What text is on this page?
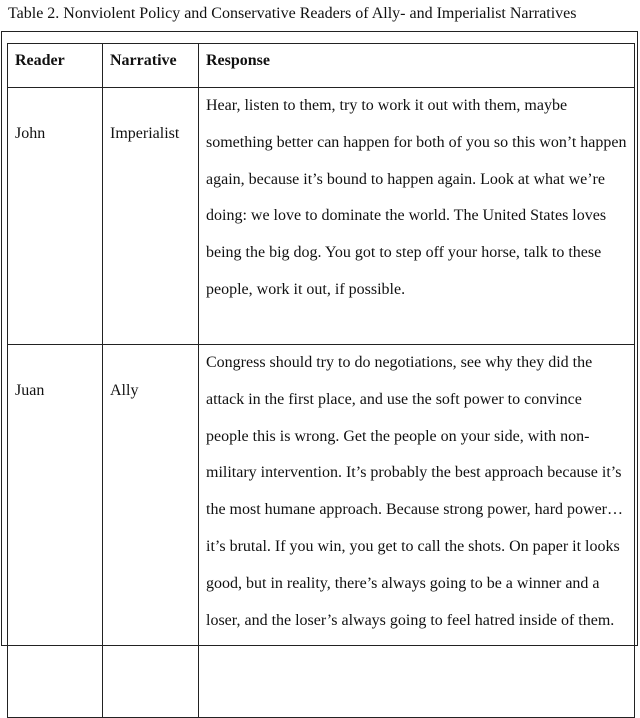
Table 2. Nonviolent Policy and Conservative Readers of Ally- and Imperialist Narratives
Reader	Narrative	Response
John	Imperialist	Hear, listen to them, try to work it out with them, maybe something better can happen for both of you so this won’t happen again, because it’s bound to happen again. Look at what we’re doing: we love to dominate the world. The United States loves being the big dog. You got to step off your horse, talk to these people, work it out, if possible.
Juan	Ally	Congress should try to do negotiations, see why they did the attack in the first place, and use the soft power to convince people this is wrong. Get the people on your side, with non-military intervention. It’s probably the best approach because it’s the most humane approach. Because strong power, hard power…it’s brutal. If you win, you get to call the shots. On paper it looks good, but in reality, there’s always going to be a winner and a loser, and the loser’s always going to feel hatred inside of them.
